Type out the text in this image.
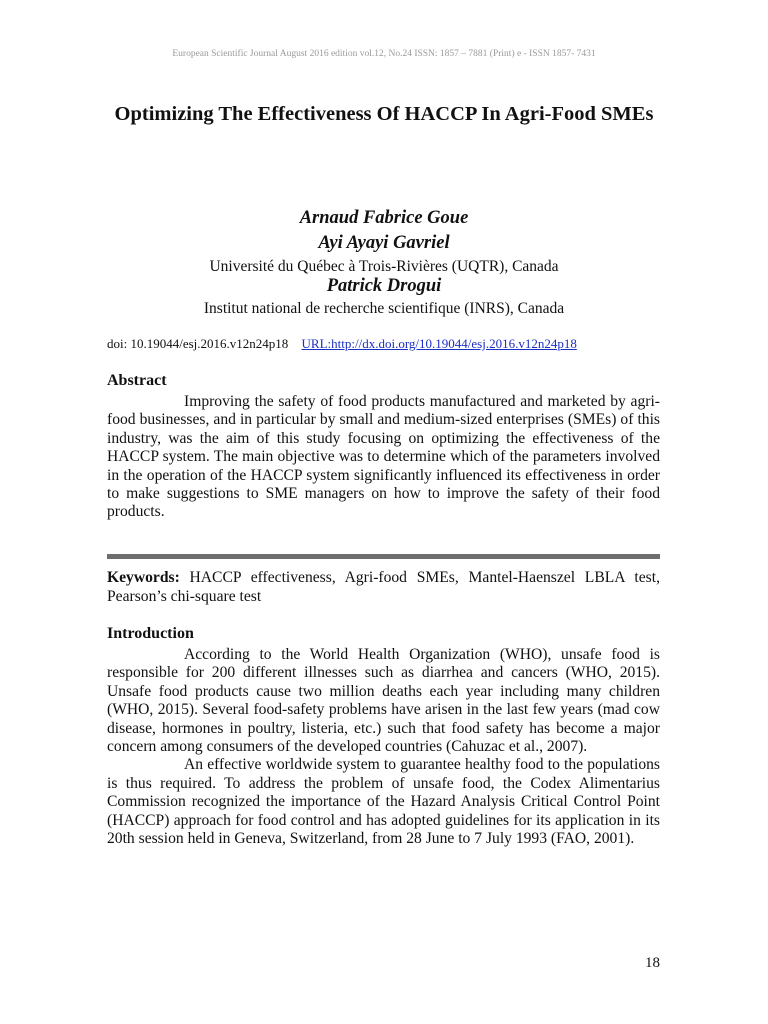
European Scientific Journal August 2016 edition vol.12, No.24 ISSN: 1857 – 7881 (Print) e - ISSN 1857- 7431
Optimizing The Effectiveness Of HACCP In Agri-Food SMEs
Arnaud Fabrice Goue
Ayi Ayayi Gavriel
Université du Québec à Trois-Rivières (UQTR), Canada
Patrick Drogui
Institut national de recherche scientifique (INRS), Canada
doi: 10.19044/esj.2016.v12n24p18 URL:http://dx.doi.org/10.19044/esj.2016.v12n24p18
Abstract

Improving the safety of food products manufactured and marketed by agri-food businesses, and in particular by small and medium-sized enterprises (SMEs) of this industry, was the aim of this study focusing on optimizing the effectiveness of the HACCP system. The main objective was to determine which of the parameters involved in the operation of the HACCP system significantly influenced its effectiveness in order to make suggestions to SME managers on how to improve the safety of their food products.

Keywords: HACCP effectiveness, Agri-food SMEs, Mantel-Haenszel LBLA test, Pearson’s chi-square test
Introduction

According to the World Health Organization (WHO), unsafe food is responsible for 200 different illnesses such as diarrhea and cancers (WHO, 2015). Unsafe food products cause two million deaths each year including many children (WHO, 2015). Several food-safety problems have arisen in the last few years (mad cow disease, hormones in poultry, listeria, etc.) such that food safety has become a major concern among consumers of the developed countries (Cahuzac et al., 2007).

An effective worldwide system to guarantee healthy food to the populations is thus required. To address the problem of unsafe food, the Codex Alimentarius Commission recognized the importance of the Hazard Analysis Critical Control Point (HACCP) approach for food control and has adopted guidelines for its application in its 20th session held in Geneva, Switzerland, from 28 June to 7 July 1993 (FAO, 2001).

18
